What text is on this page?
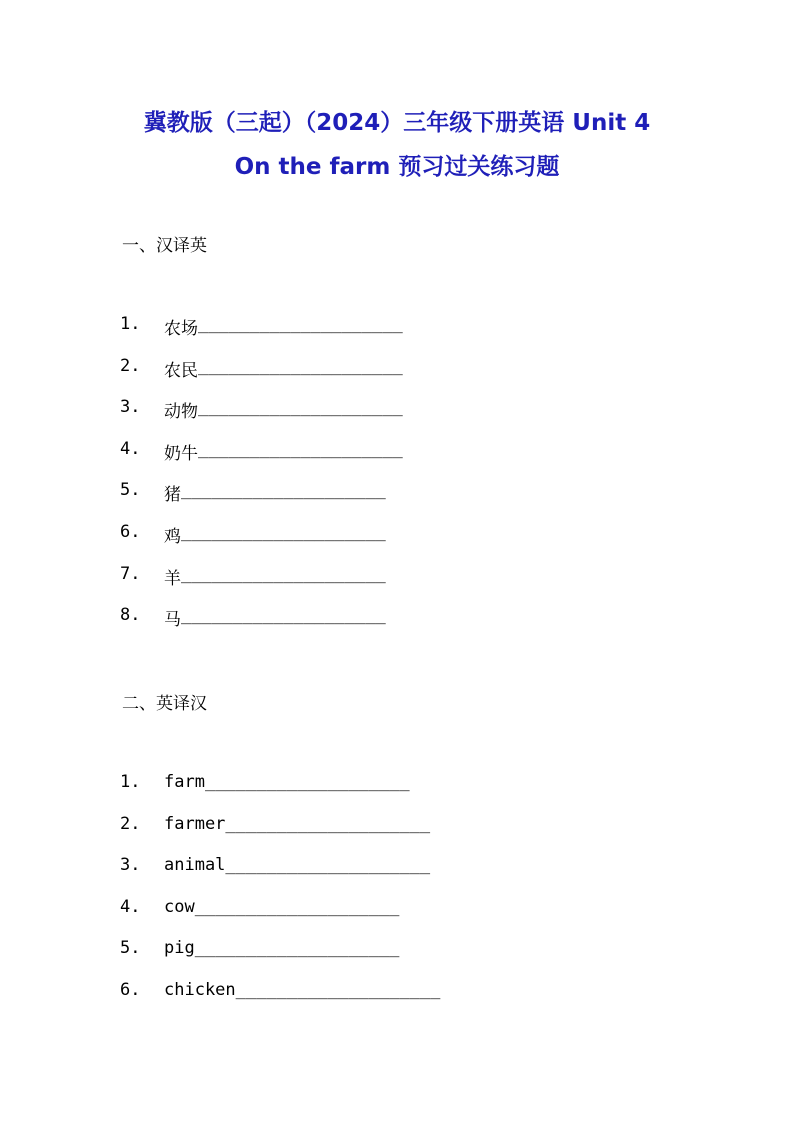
冀教版（三起）（2024）三年级下册英语 Unit 4
On the farm 预习过关练习题
一、汉译英
1.	农场 ____________________
2.	农民 ____________________
3.	动物 ____________________
4.	奶牛 ____________________
5.	猪 ____________________
6.	鸡 ____________________
7.	羊 ____________________
8.	马 ____________________
二、英译汉
1.	farm ____________________
2.	farmer ____________________
3.	animal ____________________
4.	cow ____________________
5.	pig ____________________
6.	chicken ____________________
